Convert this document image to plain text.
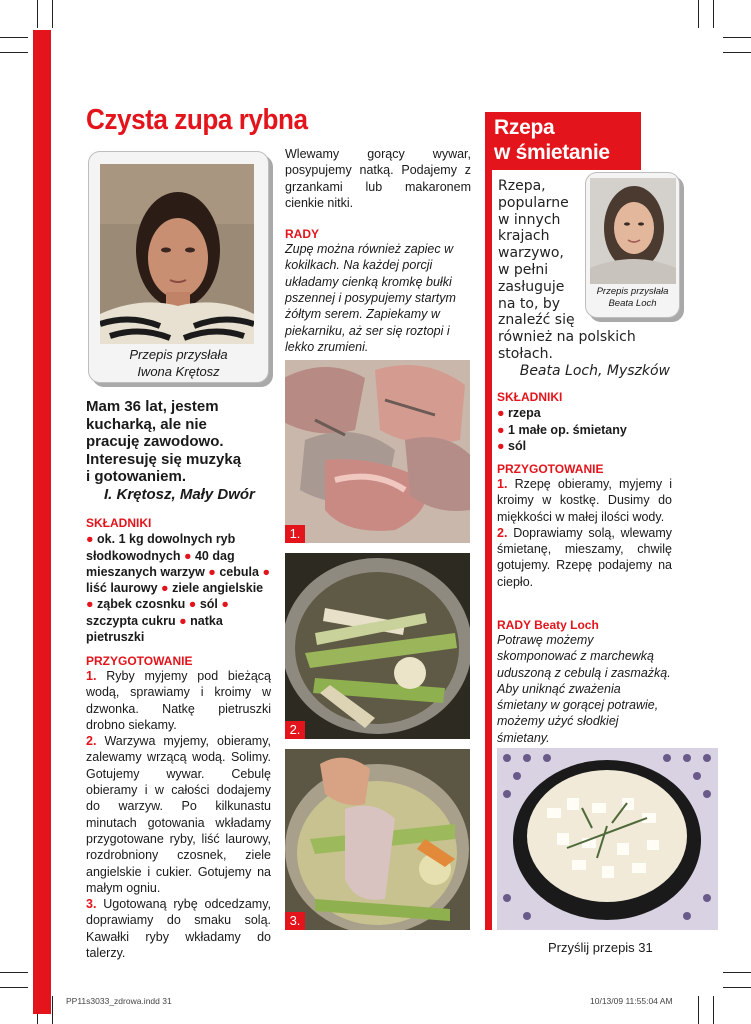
Czysta zupa rybna
Przepis przysłała
Iwona Krętosz
Mam 36 lat, jestem
kucharką, ale nie
pracuję zawodowo.
Interesuję się muzyką
i gotowaniem.
I. Krętosz, Mały Dwór
SKŁADNIKI
● ok. 1 kg dowolnych ryb słodkowodnych ● 40 dag mieszanych warzyw ● cebula ● liść laurowy ● ziele angielskie ● ząbek czosnku ● sól ● szczypta cukru ● natka pietruszki
PRZYGOTOWANIE
1. Ryby myjemy pod bieżącą wodą, sprawiamy i kroimy w dzwonka. Natkę pietruszki drobno siekamy.
2. Warzywa myjemy, obieramy, zalewamy wrzącą wodą. Solimy. Gotujemy wywar. Cebulę obieramy i w całości dodajemy do warzyw. Po kilkunastu minutach gotowania wkładamy przygotowane ryby, liść laurowy, rozdrobniony czosnek, ziele angielskie i cukier. Gotujemy na małym ogniu.
3. Ugotowaną rybę odcedzamy, doprawiamy do smaku solą. Kawałki ryby wkładamy do talerzy.
Wlewamy gorący wywar, posypujemy natką. Podajemy z grzankami lub makaronem cienkie nitki.
RADY
Zupę można również zapiec w kokilkach. Na każdej porcji układamy cienką kromkę bułki pszennej i posypujemy startym żółtym serem. Zapiekamy w piekarniku, aż ser się roztopi i lekko zrumieni.
1.
2.
3.
Rzepa
w śmietanie
Rzepa,
popularne
w innych
krajach
warzywo,
w pełni
zasługuje
na to, by
znaleźć się
również na polskich
stołach.
Beata Loch, Myszków
Przepis przysłała
Beata Loch
SKŁADNIKI
● rzepa
● 1 małe op. śmietany
● sól
PRZYGOTOWANIE
1. Rzepę obieramy, myjemy i kroimy w kostkę. Dusimy do miękkości w małej ilości wody.
2. Doprawiamy solą, wlewamy śmietanę, mieszamy, chwilę gotujemy. Rzepę podajemy na ciepło.
RADY Beaty Loch
Potrawę możemy skomponować z marchewką uduszoną z cebulą i zasmażką. Aby uniknąć zważenia śmietany w gorącej potrawie, możemy użyć słodkiej śmietany.
Przyślij przepis 31
PP11s3033_zdrowa.indd 31	10/13/09 11:55:04 AM
